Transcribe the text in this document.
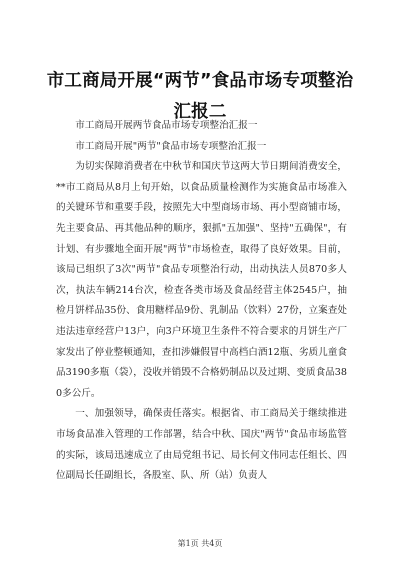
市工商局开展“两节”食品市场专项整治汇报二

市工商局开展两节食品市场专项整治汇报一

市工商局开展"两节"食品市场专项整治汇报一

为切实保障消费者在中秋节和国庆节这两大节日期间消费安全，**市工商局从8月上旬开始，以食品质量检测作为实施食品市场准入的关键环节和重要手段，按照先大中型商场市场、再小型商铺市场，先主要食品、再其他品种的顺序，狠抓"五加强"、坚持"五确保"，有计划、有步骤地全面开展"两节"市场检查，取得了良好效果。目前，该局已组织了3次"两节"食品专项整治行动，出动执法人员870多人次，执法车辆214台次，检查各类市场及食品经营主体2545户，抽检月饼样品35份、食用糖样品9份、乳制品（饮料）27份，立案查处违法违章经营户13户，向3户环境卫生条件不符合要求的月饼生产厂家发出了停业整顿通知，查扣涉嫌假冒中高档白酒12瓶、劣质儿童食品3190多瓶（袋），没收并销毁不合格奶制品以及过期、变质食品380多公斤。

一、加强领导，确保责任落实。根据省、市工商局关于继续推进市场食品准入管理的工作部署，结合中秋、国庆"两节"食品市场监管的实际，该局迅速成立了由局党组书记、局长何文伟同志任组长、四位副局长任副组长，各股室、队、所（站）负责人

第1页 共4页
